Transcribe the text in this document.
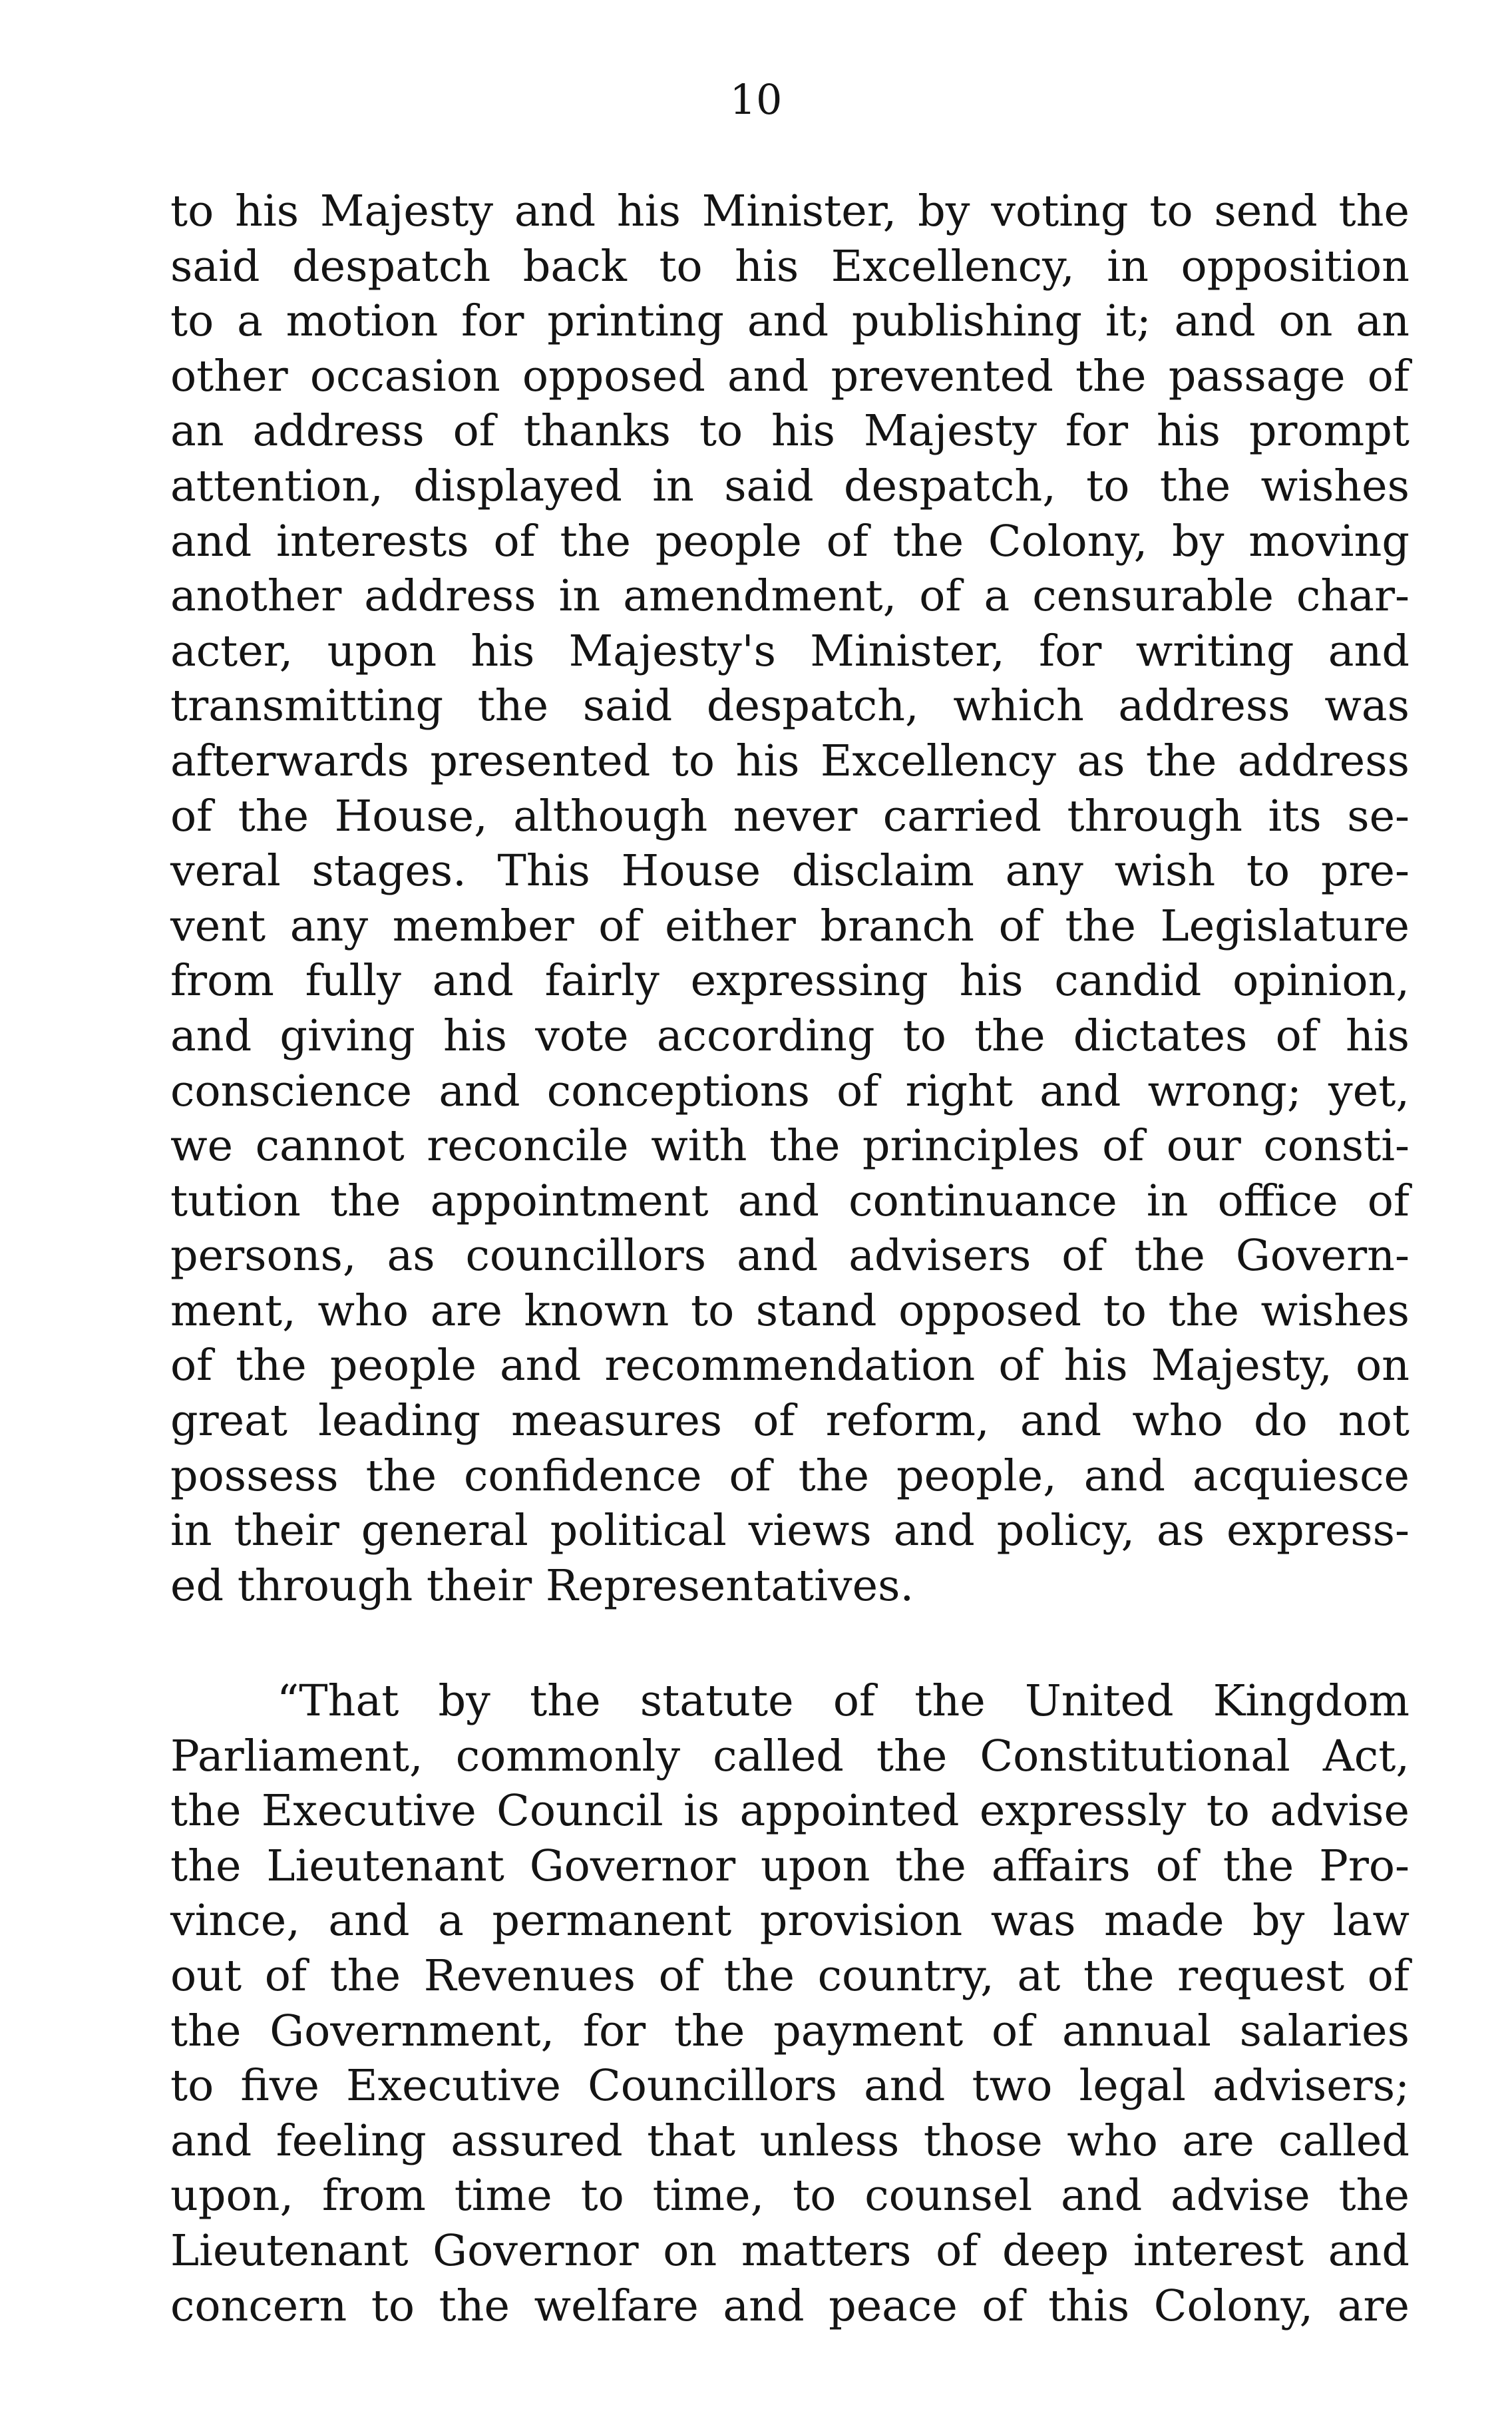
10
to his Majesty and his Minister, by voting to send the
said despatch back to his Excellency, in opposition
to a motion for printing and publishing it; and on an
other occasion opposed and prevented the passage of
an address of thanks to his Majesty for his prompt
attention, displayed in said despatch, to the wishes
and interests of the people of the Colony, by moving
another address in amendment, of a censurable char-
acter, upon his Majesty's Minister, for writing and
transmitting the said despatch, which address was
afterwards presented to his Excellency as the address
of the House, although never carried through its se-
veral stages. This House disclaim any wish to pre-
vent any member of either branch of the Legislature
from fully and fairly expressing his candid opinion,
and giving his vote according to the dictates of his
conscience and conceptions of right and wrong; yet,
we cannot reconcile with the principles of our consti-
tution the appointment and continuance in office of
persons, as councillors and advisers of the Govern-
ment, who are known to stand opposed to the wishes
of the people and recommendation of his Majesty, on
great leading measures of reform, and who do not
possess the confidence of the people, and acquiesce
in their general political views and policy, as express-
ed through their Representatives.
“That by the statute of the United Kingdom
Parliament, commonly called the Constitutional Act,
the Executive Council is appointed expressly to advise
the Lieutenant Governor upon the affairs of the Pro-
vince, and a permanent provision was made by law
out of the Revenues of the country, at the request of
the Government, for the payment of annual salaries
to five Executive Councillors and two legal advisers;
and feeling assured that unless those who are called
upon, from time to time, to counsel and advise the
Lieutenant Governor on matters of deep interest and
concern to the welfare and peace of this Colony, are
